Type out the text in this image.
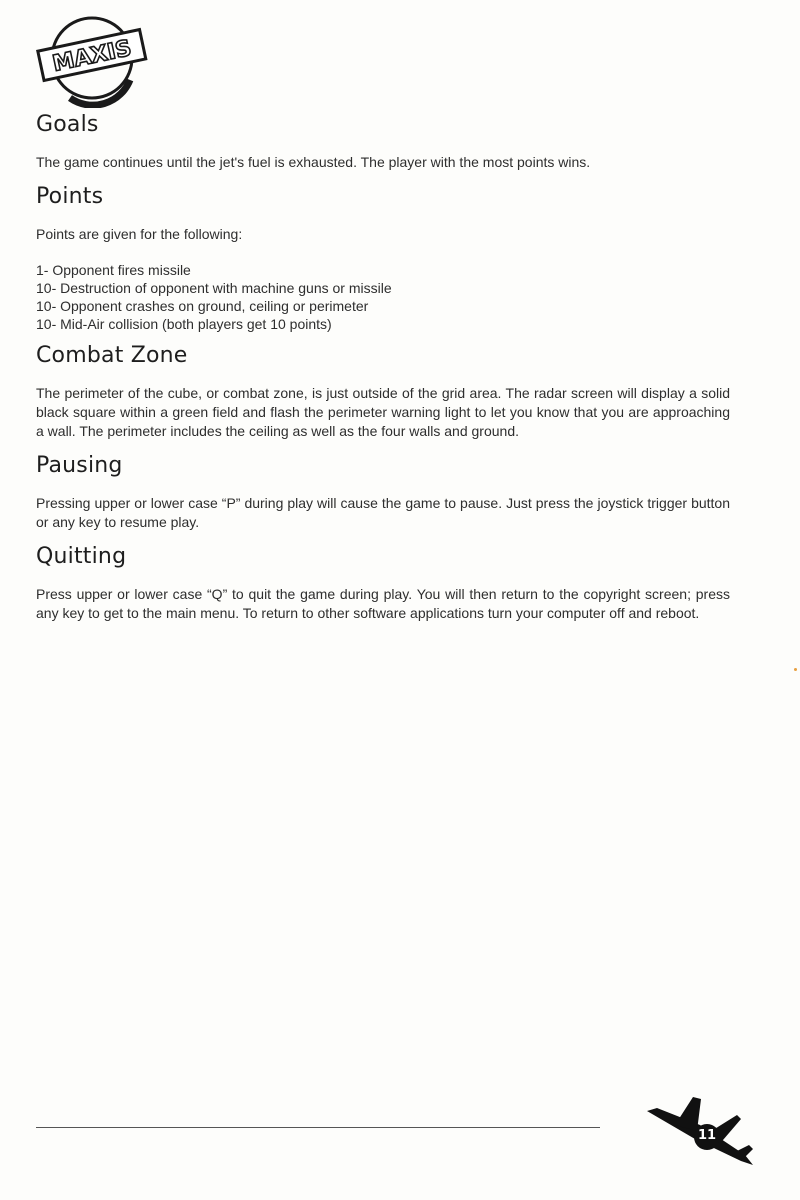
MAXIS
Goals

The game continues until the jet's fuel is exhausted. The player with the most points wins.

Points

Points are given for the following:

1- Opponent fires missile
10- Destruction of opponent with machine guns or missile
10- Opponent crashes on ground, ceiling or perimeter
10- Mid-Air collision (both players get 10 points)
Combat Zone

The perimeter of the cube, or combat zone, is just outside of the grid area. The radar screen will display a solid black square within a green field and flash the perimeter warning light to let you know that you are approaching a wall. The perimeter includes the ceiling as well as the four walls and ground.

Pausing

Pressing upper or lower case “P” during play will cause the game to pause. Just press the joystick trigger button or any key to resume play.

Quitting

Press upper or lower case “Q” to quit the game during play. You will then return to the copyright screen; press any key to get to the main menu. To return to other software applications turn your computer off and reboot.

11
